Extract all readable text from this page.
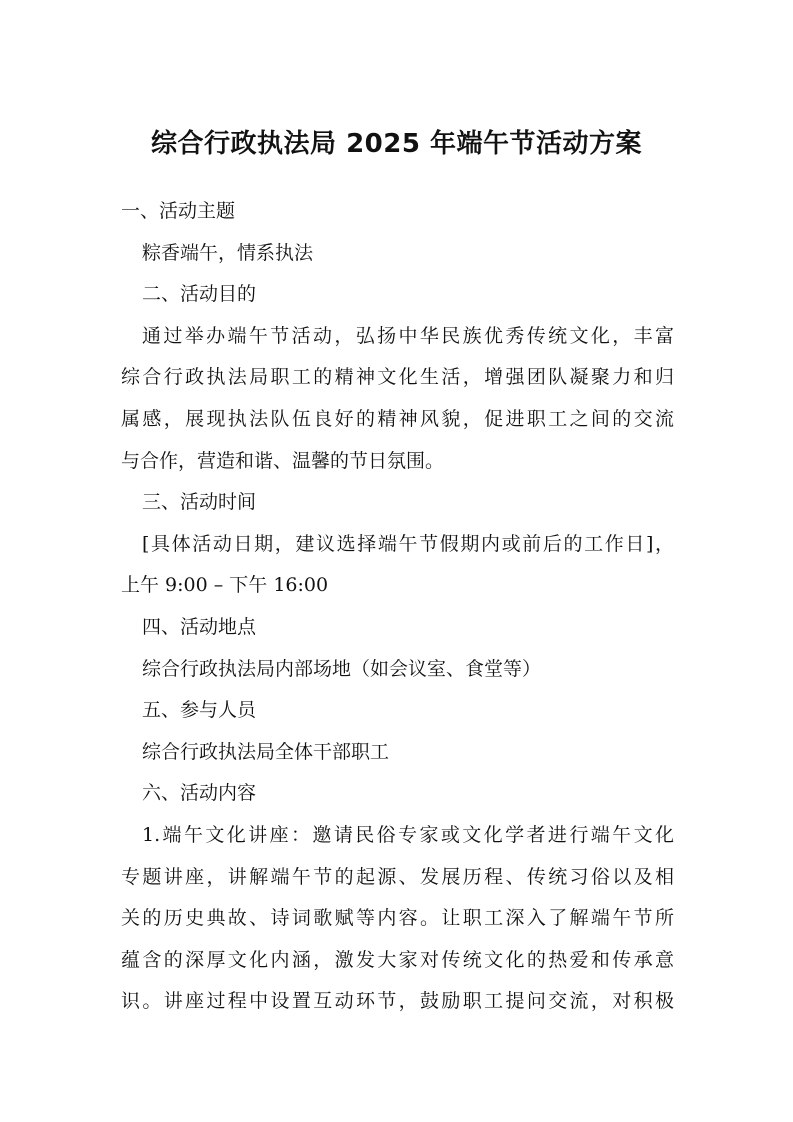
综合行政执法局 2025 年端午节活动方案

一、活动主题

粽香端午，情系执法

二、活动目的

通过举办端午节活动，弘扬中华民族优秀传统文化，丰富

综合行政执法局职工的精神文化生活，增强团队凝聚力和归

属感，展现执法队伍良好的精神风貌，促进职工之间的交流

与合作，营造和谐、温馨的节日氛围。

三、活动时间

[具体活动日期，建议选择端午节假期内或前后的工作日]，

上午 9:00 – 下午 16:00

四、活动地点

综合行政执法局内部场地（如会议室、食堂等）

五、参与人员

综合行政执法局全体干部职工

六、活动内容

1.端午文化讲座：邀请民俗专家或文化学者进行端午文化

专题讲座，讲解端午节的起源、发展历程、传统习俗以及相

关的历史典故、诗词歌赋等内容。让职工深入了解端午节所

蕴含的深厚文化内涵，激发大家对传统文化的热爱和传承意

识。讲座过程中设置互动环节，鼓励职工提问交流，对积极
